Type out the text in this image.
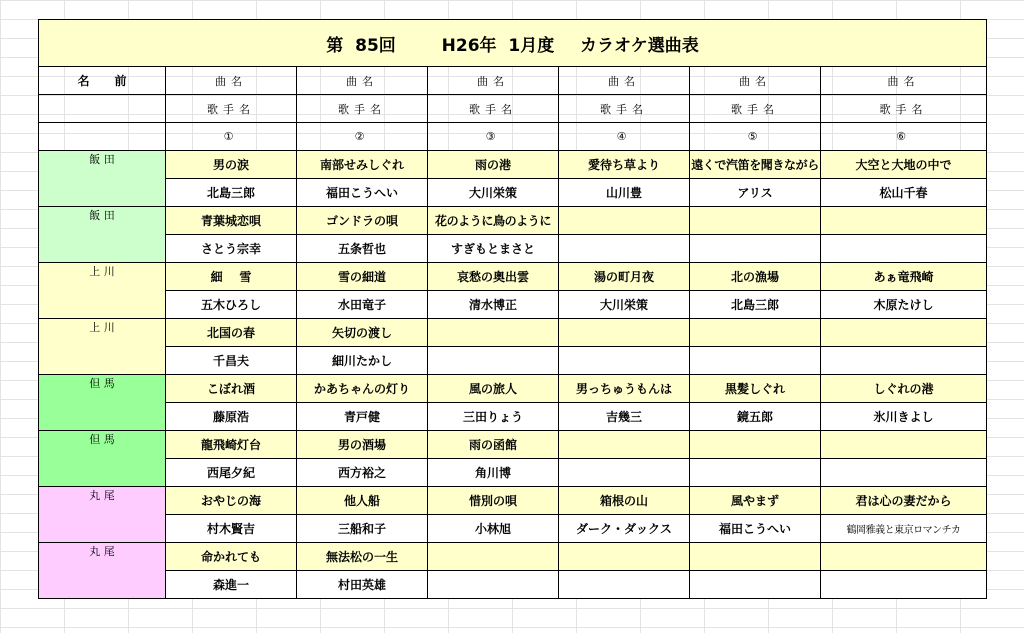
第  85回 H26年  1月度 カラオケ選曲表						
名      前	曲名	曲名	曲名	曲名	曲名	曲名
	歌手名	歌手名	歌手名	歌手名	歌手名	歌手名
	①	②	③	④	⑤	⑥
飯 田	男の涙	南部せみしぐれ	雨の港	愛待ち草より	遠くで汽笛を聞きながら	大空と大地の中で
	北島三郎	福田こうへい	大川栄策	山川豊	アリス	松山千春
飯 田	青葉城恋唄	ゴンドラの唄	花のように鳥のように			
	さとう宗幸	五条哲也	すぎもとまさと			
上 川	細    雪	雪の細道	哀愁の奥出雲	湯の町月夜	北の漁場	あぁ竜飛崎
	五木ひろし	水田竜子	清水博正	大川栄策	北島三郎	木原たけし
上 川	北国の春	矢切の渡し				
	千昌夫	細川たかし				
但 馬	こぼれ酒	かあちゃんの灯り	風の旅人	男っちゅうもんは	黒髪しぐれ	しぐれの港
	藤原浩	青戸健	三田りょう	吉幾三	鏡五郎	氷川きよし
但 馬	龍飛崎灯台	男の酒場	雨の函館			
	西尾夕紀	西方裕之	角川博			
丸 尾	おやじの海	他人船	惜別の唄	箱根の山	風やまず	君は心の妻だから
	村木賢吉	三船和子	小林旭	ダーク・ダックス	福田こうへい	鶴岡雅義と東京ロマンチカ
丸 尾	命かれても	無法松の一生				
	森進一	村田英雄				
